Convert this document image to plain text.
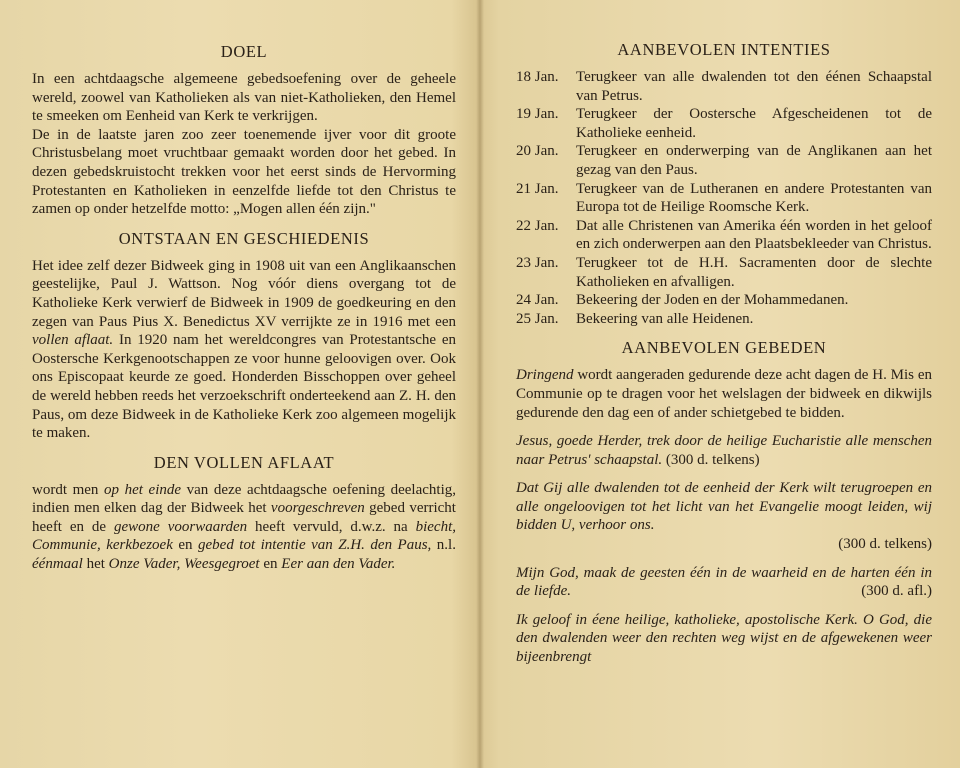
DOEL

In een achtdaagsche algemeene gebedsoefening over de geheele wereld, zoowel van Katholieken als van niet-Katholieken, den Hemel te smeeken om Eenheid van Kerk te verkrijgen.

De in de laatste jaren zoo zeer toenemende ijver voor dit groote Christusbelang moet vruchtbaar gemaakt worden door het gebed. In dezen gebedskruistocht trekken voor het eerst sinds de Hervorming Protestanten en Katholieken in eenzelfde liefde tot den Christus te zamen op onder hetzelfde motto: „Mogen allen één zijn."

ONTSTAAN EN GESCHIEDENIS

Het idee zelf dezer Bidweek ging in 1908 uit van een Anglikaanschen geestelijke, Paul J. Wattson. Nog vóór diens overgang tot de Katholieke Kerk verwierf de Bidweek in 1909 de goedkeuring en den zegen van Paus Pius X. Benedictus XV verrijkte ze in 1916 met een vollen aflaat. In 1920 nam het wereldcongres van Protestantsche en Oostersche Kerkgenootschappen ze voor hunne geloovigen over. Ook ons Episcopaat keurde ze goed. Honderden Bisschoppen over geheel de wereld hebben reeds het verzoekschrift onderteekend aan Z. H. den Paus, om deze Bidweek in de Katholieke Kerk zoo algemeen mogelijk te maken.

DEN VOLLEN AFLAAT

wordt men op het einde van deze achtdaagsche oefening deelachtig, indien men elken dag der Bidweek het voorgeschreven gebed verricht heeft en de gewone voorwaarden heeft vervuld, d.w.z. na biecht, Communie, kerkbezoek en gebed tot intentie van Z.H. den Paus, n.l. éénmaal het Onze Vader, Weesgegroet en Eer aan den Vader.

AANBEVOLEN INTENTIES
18 Jan.	Terugkeer van alle dwalenden tot den éénen Schaapstal van Petrus.
19 Jan.	Terugkeer der Oostersche Afgescheidenen tot de Katholieke eenheid.
20 Jan.	Terugkeer en onderwerping van de Anglikanen aan het gezag van den Paus.
21 Jan.	Terugkeer van de Lutheranen en andere Protestanten van Europa tot de Heilige Roomsche Kerk.
22 Jan.	Dat alle Christenen van Amerika één worden in het geloof en zich onderwerpen aan den Plaatsbekleeder van Christus.
23 Jan.	Terugkeer tot de H.H. Sacramenten door de slechte Katholieken en afvalligen.
24 Jan.	Bekeering der Joden en der Mohammedanen.
25 Jan.	Bekeering van alle Heidenen.
AANBEVOLEN GEBEDEN

Dringend wordt aangeraden gedurende deze acht dagen de H. Mis en Communie op te dragen voor het welslagen der bidweek en dikwijls gedurende den dag een of ander schietgebed te bidden.

Jesus, goede Herder, trek door de heilige Eucharistie alle menschen naar Petrus' schaapstal. (300 d. telkens)

Dat Gij alle dwalenden tot de eenheid der Kerk wilt terugroepen en alle ongeloovigen tot het licht van het Evangelie moogt leiden, wij bidden U, verhoor ons.
(300 d. telkens)

Mijn God, maak de geesten één in de waarheid en de harten één in de liefde.	(300 d. afl.)

Ik geloof in éene heilige, katholieke, apostolische Kerk. O God, die den dwalenden weer den rechten weg wijst en de afgewekenen weer bijeenbrengt
